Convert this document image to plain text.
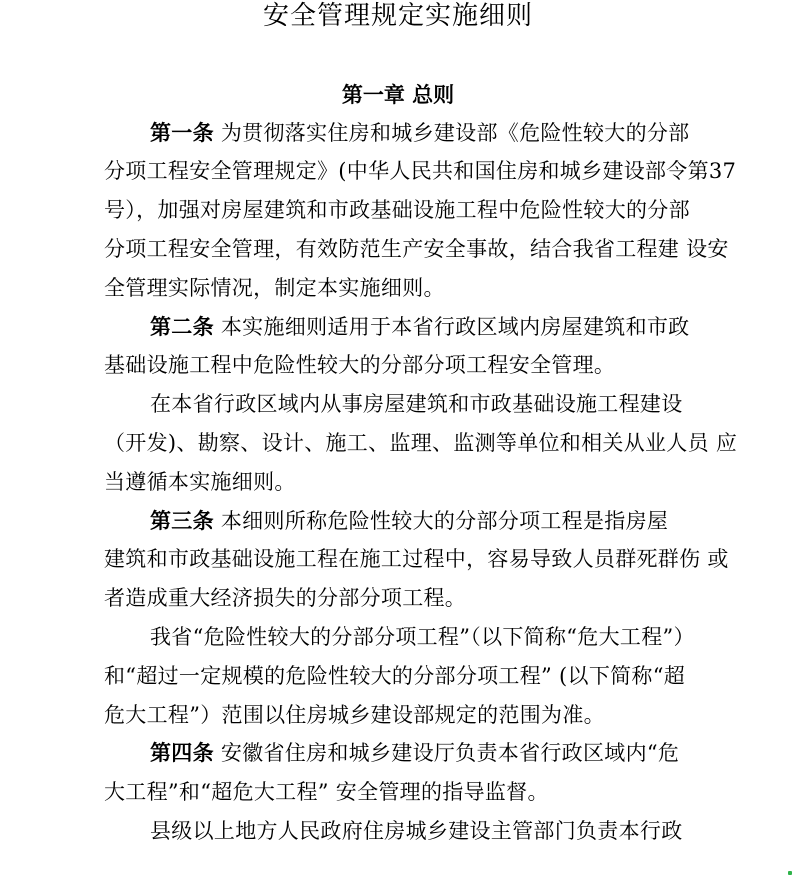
安全管理规定实施细则
第一章 总则
第一条 为贯彻落实住房和城乡建设部《危险性较大的分部
分项工程安全管理规定》(中华人民共和国住房和城乡建设部令第37
号），加强对房屋建筑和市政基础设施工程中危险性较大的分部
分项工程安全管理，有效防范生产安全事故，结合我省工程建 设安
全管理实际情况，制定本实施细则。
第二条 本实施细则适用于本省行政区域内房屋建筑和市政
基础设施工程中危险性较大的分部分项工程安全管理。
在本省行政区域内从事房屋建筑和市政基础设施工程建设
（开发)、勘察、设计、施工、监理、监测等单位和相关从业人员 应
当遵循本实施细则。
第三条 本细则所称危险性较大的分部分项工程是指房屋
建筑和市政基础设施工程在施工过程中，容易导致人员群死群伤 或
者造成重大经济损失的分部分项工程。
我省“危险性较大的分部分项工程”（以下简称“危大工程”）
和“超过一定规模的危险性较大的分部分项工程” (以下简称“超
危大工程”）范围以住房城乡建设部规定的范围为准。
第四条 安徽省住房和城乡建设厅负责本省行政区域内“危
大工程”和“超危大工程” 安全管理的指导监督。
县级以上地方人民政府住房城乡建设主管部门负责本行政
